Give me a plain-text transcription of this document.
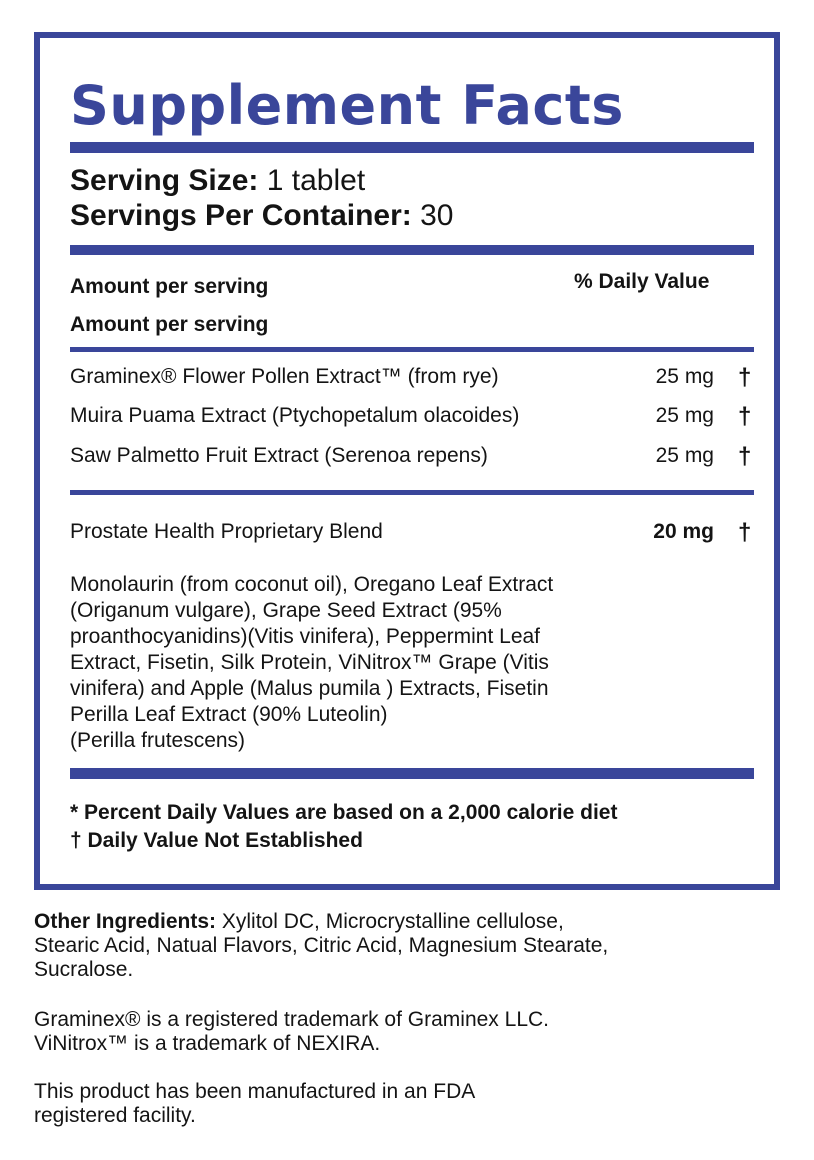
Supplement Facts
Serving Size: 1 tablet
Servings Per Container: 30
Amount per serving	% Daily Value
Amount per serving
Graminex® Flower Pollen Extract™ (from rye)	25 mg †
Muira Puama Extract (Ptychopetalum olacoides)	25 mg †
Saw Palmetto Fruit Extract (Serenoa repens)	25 mg †
Prostate Health Proprietary Blend	20 mg †
Monolaurin (from coconut oil), Oregano Leaf Extract
(Origanum vulgare), Grape Seed Extract (95%
proanthocyanidins)(Vitis vinifera), Peppermint Leaf
Extract, Fisetin, Silk Protein, ViNitrox™ Grape (Vitis
vinifera) and Apple (Malus pumila ) Extracts, Fisetin
Perilla Leaf Extract (90% Luteolin)
(Perilla frutescens)
* Percent Daily Values are based on a 2,000 calorie diet
† Daily Value Not Established
Other Ingredients: Xylitol DC, Microcrystalline cellulose,
Stearic Acid, Natual Flavors, Citric Acid, Magnesium Stearate,
Sucralose.
Graminex® is a registered trademark of Graminex LLC.
ViNitrox™ is a trademark of NEXIRA.
This product has been manufactured in an FDA
registered facility.
